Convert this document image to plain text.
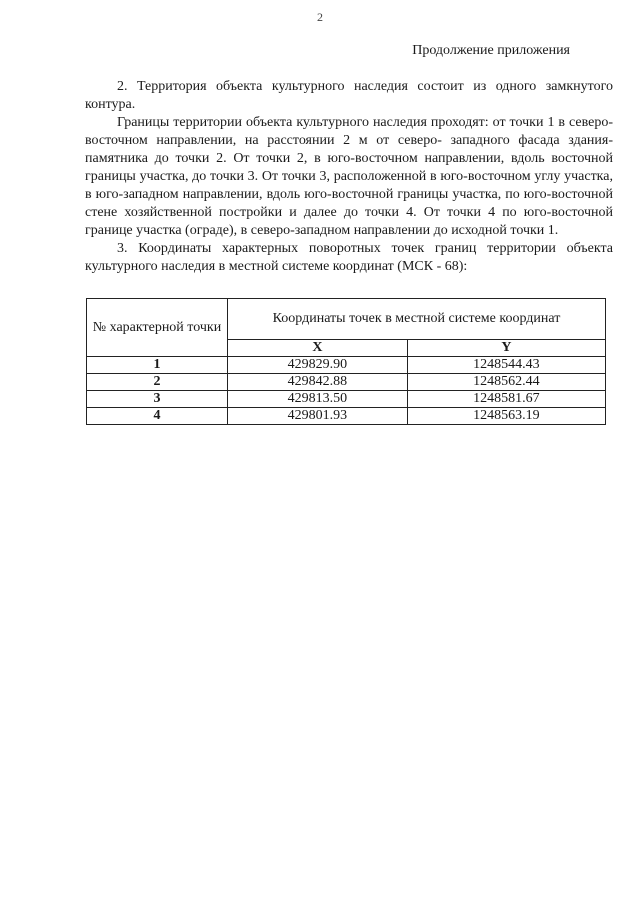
2
Продолжение приложения

2. Территория объекта культурного наследия состоит из одного замкнутого контура.

Границы территории объекта культурного наследия проходят: от точки 1 в северо-восточном направлении, на расстоянии 2 м от северо- западного фасада здания-памятника до точки 2. От точки 2, в юго-восточном направлении, вдоль восточной границы участка, до точки 3. От точки 3, расположенной в юго-восточном углу участка, в юго-западном направлении, вдоль юго-восточной границы участка, по юго-восточной стене хозяйственной постройки и далее до точки 4. От точки 4 по юго-восточной границе участка (ограде), в северо-западном направлении до исходной точки 1.

3. Координаты характерных поворотных точек границ территории объекта культурного наследия в местной системе координат (МСК - 68):

№ характерной точки	Координаты точек в местной системе координат	
	X	Y
1	429829.90	1248544.43
2	429842.88	1248562.44
3	429813.50	1248581.67
4	429801.93	1248563.19
